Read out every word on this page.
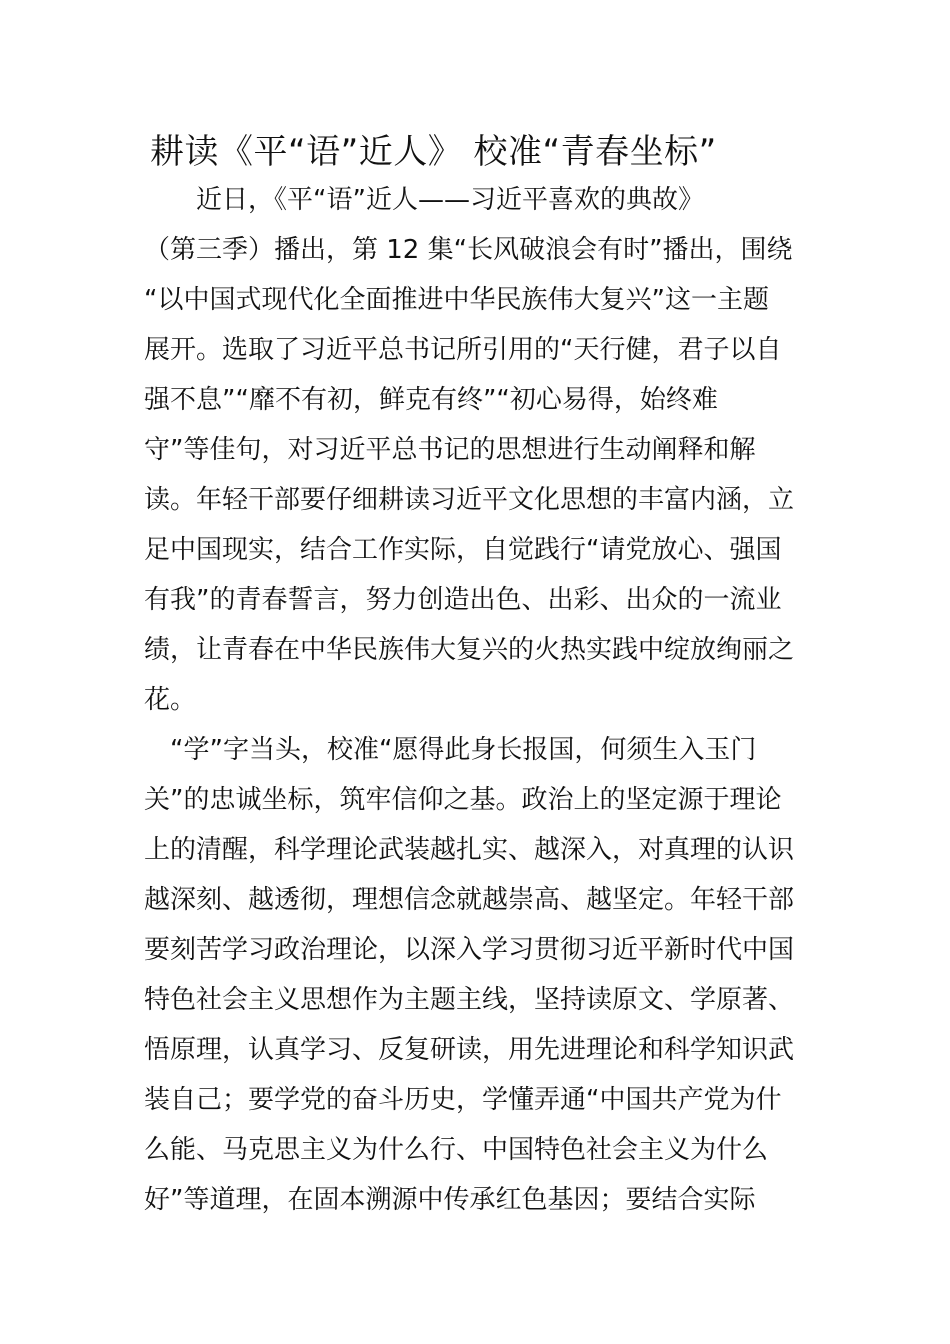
耕读《平“语”近人》 校准“青春坐标”

　　近日，《平“语”近人——习近平喜欢的典故》

（第三季）播出，第 12 集“长风破浪会有时”播出，围绕

“以中国式现代化全面推进中华民族伟大复兴”这一主题

展开。选取了习近平总书记所引用的“天行健，君子以自

强不息”“靡不有初，鲜克有终”“初心易得，始终难

守”等佳句，对习近平总书记的思想进行生动阐释和解

读。年轻干部要仔细耕读习近平文化思想的丰富内涵，立

足中国现实，结合工作实际，自觉践行“请党放心、强国

有我”的青春誓言，努力创造出色、出彩、出众的一流业

绩，让青春在中华民族伟大复兴的火热实践中绽放绚丽之

花。

“学”字当头，校准“愿得此身长报国，何须生入玉门

关”的忠诚坐标，筑牢信仰之基。政治上的坚定源于理论

上的清醒，科学理论武装越扎实、越深入，对真理的认识

越深刻、越透彻，理想信念就越崇高、越坚定。年轻干部

要刻苦学习政治理论，以深入学习贯彻习近平新时代中国

特色社会主义思想作为主题主线，坚持读原文、学原著、

悟原理，认真学习、反复研读，用先进理论和科学知识武

装自己；要学党的奋斗历史，学懂弄通“中国共产党为什

么能、马克思主义为什么行、中国特色社会主义为什么

好”等道理，在固本溯源中传承红色基因；要结合实际
